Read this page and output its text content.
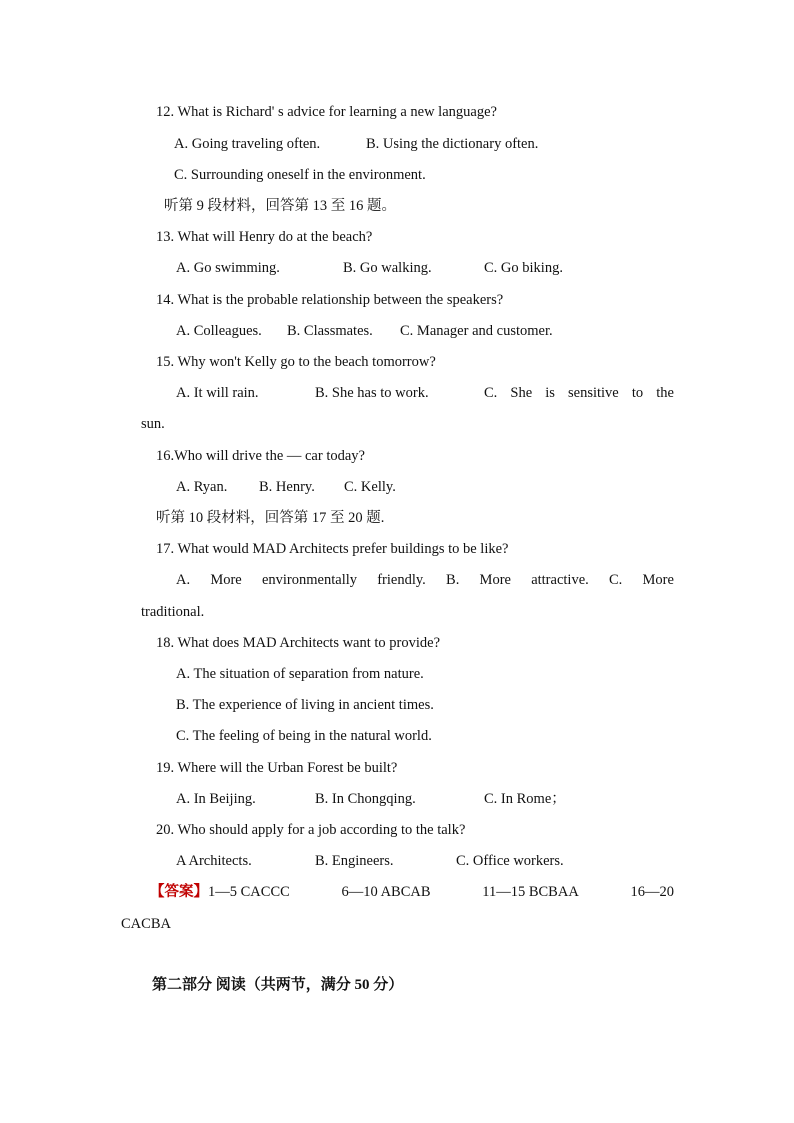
12. What is Richard' s advice for learning a new language?
A. Going traveling often.	B. Using the dictionary often.
C. Surrounding oneself in the environment.
听第 9 段材料，回答第 13 至 16 题。
13. What will Henry do at the beach?
A. Go swimming.	B. Go walking.	C. Go biking.
14. What is the probable relationship between the speakers?
A. Colleagues. B. Classmates. C. Manager and customer.
15. Why won't Kelly go to the beach tomorrow?
A. It will rain.	B. She has to work.	C. She is sensitive to the
sun.
16.Who will drive the — car today?
A. Ryan. B. Henry. C. Kelly.
听第 10 段材料，回答第 17 至 20 题.
17. What would MAD Architects prefer buildings to be like?
A. More environmentally friendly. B. More attractive. C. More
traditional.
18. What does MAD Architects want to provide?
A. The situation of separation from nature.
B. The experience of living in ancient times.
C. The feeling of being in the natural world.
19. Where will the Urban Forest be built?
A. In Beijing.	B. In Chongqing.	C. In Rome；
20. Who should apply for a job according to the talk?
A Architects.	B. Engineers.	C. Office workers.
【答案】1—5 CACCC	6—10 ABCAB	11—15 BCBAA	16—20
CACBA
第二部分 阅读（共两节，满分 50 分）
